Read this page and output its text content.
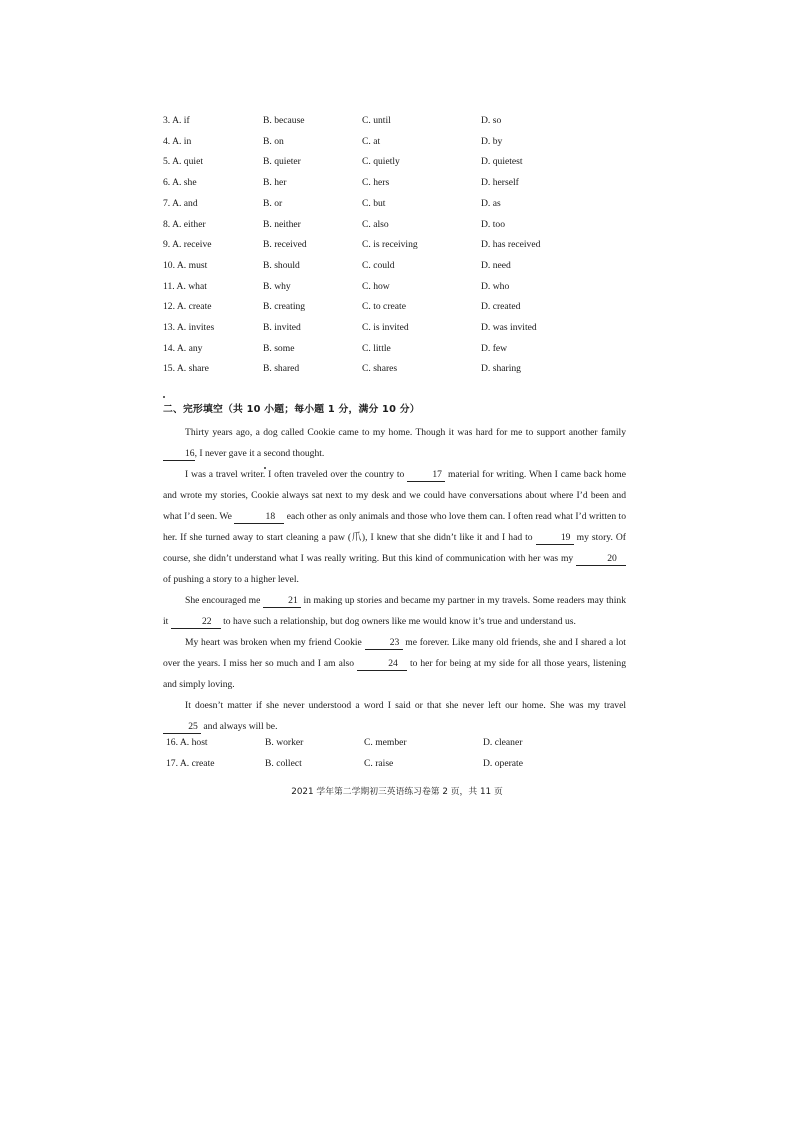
3. A. if	B. because	C. until	D. so
4. A. in	B. on	C. at	D. by
5. A. quiet	B. quieter	C. quietly	D. quietest
6. A. she	B. her	C. hers	D. herself
7. A. and	B. or	C. but	D. as
8. A. either	B. neither	C. also	D. too
9. A. receive	B. received	C. is receiving	D. has received
10. A. must	B. should	C. could	D. need
11. A. what	B. why	C. how	D. who
12. A. create	B. creating	C. to create	D. created
13. A. invites	B. invited	C. is invited	D. was invited
14. A. any	B. some	C. little	D. few
15. A. share	B. shared	C. shares	D. sharing
二、完形填空（共 10 小题；每小题 1 分，满分 10 分）

Thirty years ago, a dog called Cookie came to my home. Though it was hard for me to support another family 16, I never gave it a second thought.

I was a travel writer. I often traveled over the country to	17 material for writing. When I came back home and wrote my stories, Cookie always sat next to my desk and we could have conversations about where I’d been and what I’d seen. We	18 each other as only animals and those who love them can. I often read what I’d written to her. If she turned away to start cleaning a paw (爪), I knew that she didn’t like it and I had to	19 my story. Of course, she didn’t understand what I was really writing. But this kind of communication with her was my	20 of pushing a story to a higher level.

She encouraged me	21 in making up stories and became my partner in my travels. Some readers may think it	22 to have such a relationship, but dog owners like me would know it’s true and understand us.

My heart was broken when my friend Cookie	23 me forever. Like many old friends, she and I shared a lot over the years. I miss her so much and I am also	24 to her for being at my side for all those years, listening and simply loving.

It doesn’t matter if she never understood a word I said or that she never left our home. She was my travel 25 and always will be.

16. A. host	B. worker	C. member	D. cleaner
17. A. create	B. collect	C. raise	D. operate
2021 学年第二学期初三英语练习卷第 2 页，共 11 页
